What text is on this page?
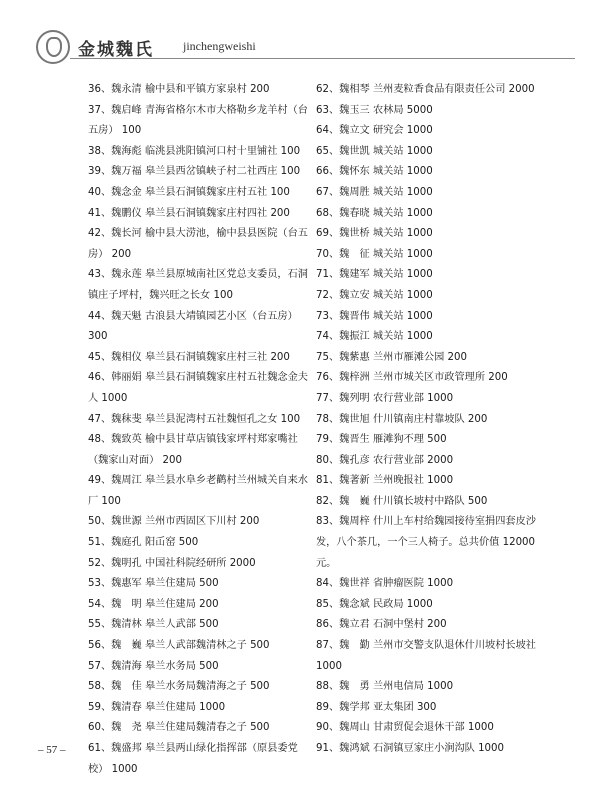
金城魏氏 jinchengweishi

36、魏永清 榆中县和平镇方家泉村 200

37、魏启峰 青海省格尔木市大格勒乡龙羊村（台五房） 100

38、魏海彪 临洮县洮阳镇河口村十里铺社 100

39、魏万福 皋兰县西岔镇峡子村二社西庄 100

40、魏念金 皋兰县石洞镇魏家庄村五社 100

41、魏鹏仪 皋兰县石洞镇魏家庄村四社 200

42、魏长河 榆中县大涝池，榆中县县医院（台五房） 200

43、魏永莲 皋兰县原城南社区党总支委员，石洞镇庄子坪村，魏兴旺之长女 100

44、魏天魁 古浪县大靖镇园艺小区（台五房） 300

45、魏相仪 皋兰县石洞镇魏家庄村三社 200

46、韩丽娟 皋兰县石洞镇魏家庄村五社魏念金夫人 1000

47、魏秣斐 皋兰县泥湾村五社魏恒孔之女 100

48、魏致英 榆中县甘草店镇钱家坪村郑家嘴社（魏家山对面） 200

49、魏周江 皋兰县水阜乡老鹳村兰州城关自来水厂 100

50、魏世源 兰州市西固区下川村 200

51、魏庭孔 阳屲窑 500

52、魏明孔 中国社科院经研所 2000

53、魏惠军 皋兰住建局 500

54、魏　明 皋兰住建局 200

55、魏清林 皋兰人武部 500

56、魏　巍 皋兰人武部魏清林之子 500

57、魏清海 皋兰水务局 500

58、魏　佳 皋兰水务局魏清海之子 500

59、魏清春 皋兰住建局 1000

60、魏　尧 皋兰住建局魏清春之子 500

61、魏盛邦 皋兰县两山绿化指挥部（原县委党校） 1000

62、魏相琴 兰州麦粒香食品有限责任公司 2000

63、魏玉三 农林局 5000

64、魏立文 研究会 1000

65、魏世凯 城关站 1000

66、魏怀东 城关站 1000

67、魏周胜 城关站 1000

68、魏春晓 城关站 1000

69、魏世桥 城关站 1000

70、魏　征 城关站 1000

71、魏建军 城关站 1000

72、魏立安 城关站 1000

73、魏晋伟 城关站 1000

74、魏振江 城关站 1000

75、魏紫惠 兰州市雁滩公园 200

76、魏梓洲 兰州市城关区市政管理所 200

77、魏列明 农行营业部 1000

78、魏世旭 什川镇南庄村靠坡队 200

79、魏晋生 雁滩狗不理 500

80、魏孔彦 农行营业部 2000

81、魏著新 兰州晚报社 1000

82、魏　巍 什川镇长坡村中路队 500

83、魏周梓 什川上车村给魏园接待室捐四套皮沙发，八个茶几，一个三人椅子。总共价值 12000 元。

84、魏世祥 省肿瘤医院 1000

85、魏念斌 民政局 1000

86、魏立君 石洞中堡村 200

87、魏　勤 兰州市交警支队退休什川坡村长坡社 1000

88、魏　勇 兰州电信局 1000

89、魏学邦 亚太集团 300

90、魏周山 甘肃贸促会退休干部 1000

91、魏鸿斌 石洞镇豆家庄小涧沟队 1000

– 57 –
